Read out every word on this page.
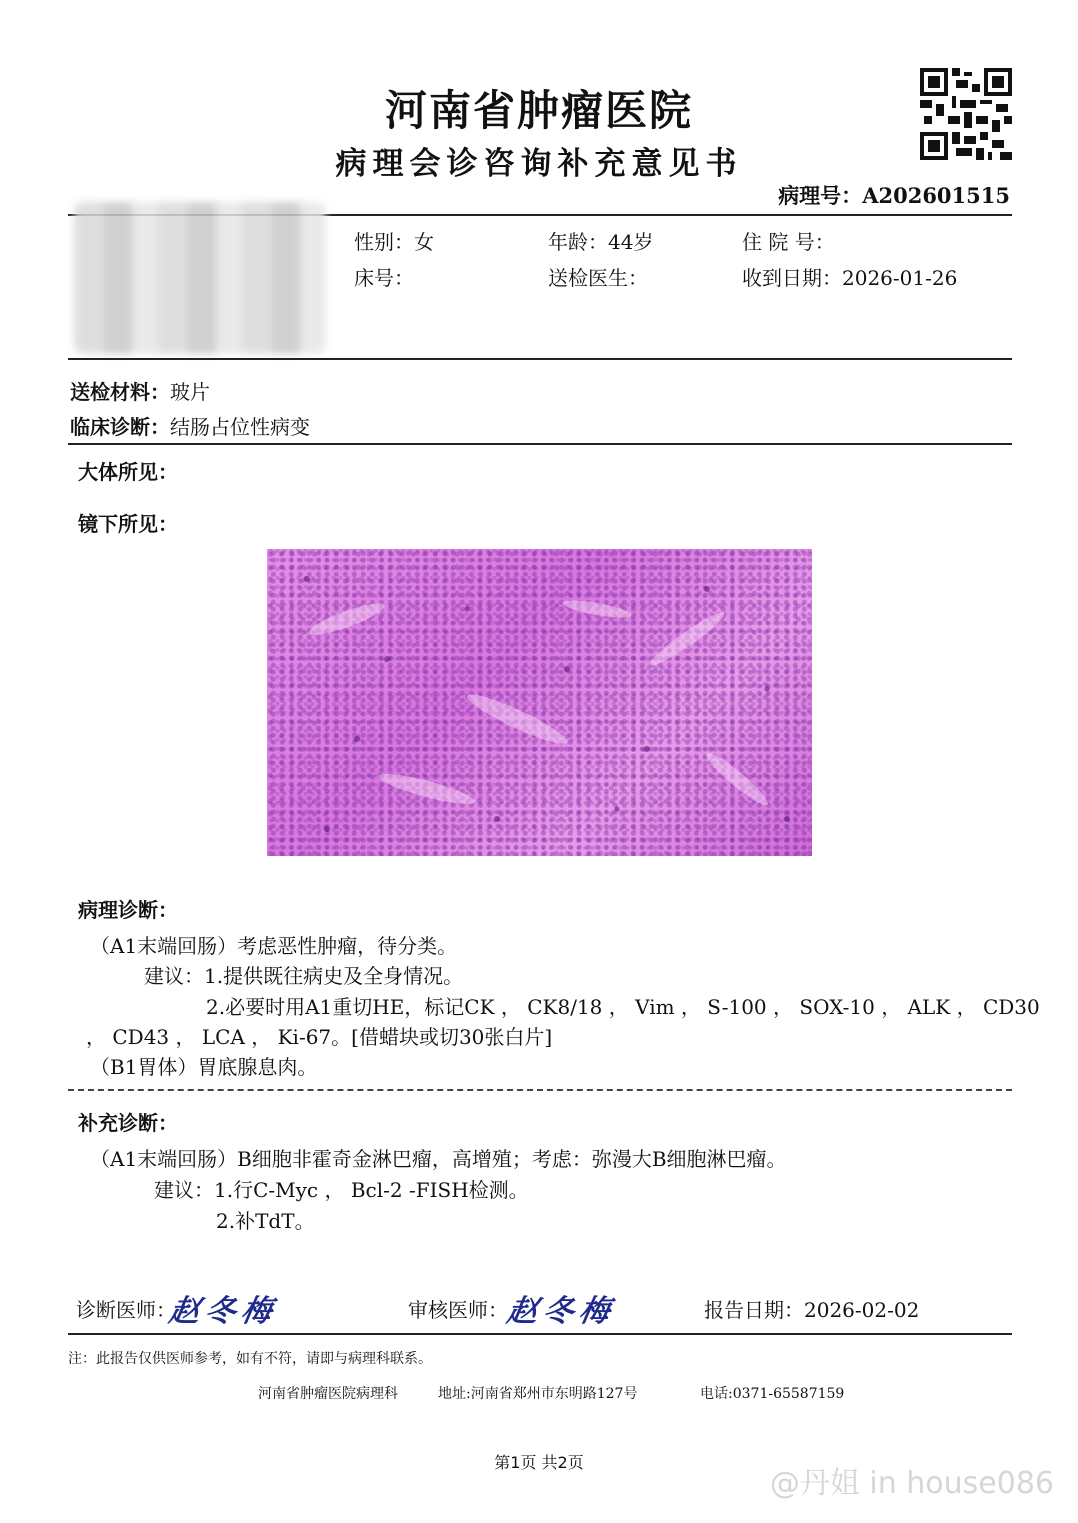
河南省肿瘤医院
病理会诊咨询补充意见书
病理号：A202601515
性别：女	年龄：44岁	住 院 号：
床号：	送检医生：	收到日期：2026-01-26
送检材料：玻片
临床诊断：结肠占位性病变
大体所见：
镜下所见：
病理诊断：
（A1末端回肠）考虑恶性肿瘤，待分类。
建议：1.提供既往病史及全身情况。
2.必要时用A1重切HE，标记CK ， CK8/18 ， Vim ， S-100 ， SOX-10 ， ALK ， CD30
， CD43 ， LCA ， Ki-67。[借蜡块或切30张白片]
（B1胃体）胃底腺息肉。
补充诊断：
（A1末端回肠）B细胞非霍奇金淋巴瘤，高增殖；考虑：弥漫大B细胞淋巴瘤。
建议：1.行C-Myc ， Bcl-2 -FISH检测。
2.补TdT。
诊断医师：
赵冬梅	审核医师：
赵冬梅	报告日期：2026-02-02
注：此报告仅供医师参考，如有不符，请即与病理科联系。
河南省肿瘤医院病理科	地址:河南省郑州市东明路127号	电话:0371-65587159
第1页 共2页
@丹姐 in house086
